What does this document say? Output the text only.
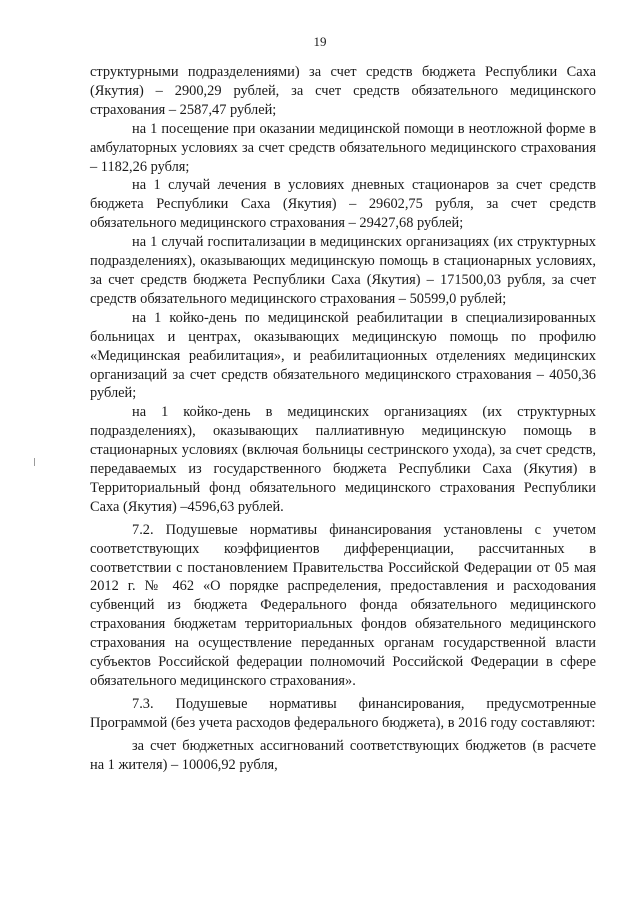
19

структурными подразделениями) за счет средств бюджета Республики Саха (Якутия) – 2900,29 рублей, за счет средств обязательного медицинского страхования – 2587,47 рублей;

на 1 посещение при оказании медицинской помощи в неотложной форме в амбулаторных условиях за счет средств обязательного медицинского страхования – 1182,26 рубля;

на 1 случай лечения в условиях дневных стационаров за счет средств бюджета Республики Саха (Якутия) – 29602,75 рубля, за счет средств обязательного медицинского страхования – 29427,68 рублей;

на 1 случай госпитализации в медицинских организациях (их структурных подразделениях), оказывающих медицинскую помощь в стационарных условиях, за счет средств бюджета Республики Саха (Якутия) – 171500,03 рубля, за счет средств обязательного медицинского страхования – 50599,0 рублей;

на 1 койко-день по медицинской реабилитации в специализированных больницах и центрах, оказывающих медицинскую помощь по профилю «Медицинская реабилитация», и реабилитационных отделениях медицинских организаций за счет средств обязательного медицинского страхования – 4050,36 рублей;

на 1 койко-день в медицинских организациях (их структурных подразделениях), оказывающих паллиативную медицинскую помощь в стационарных условиях (включая больницы сестринского ухода), за счет средств, передаваемых из государственного бюджета Республики Саха (Якутия) в Территориальный фонд обязательного медицинского страхования Республики Саха (Якутия) –4596,63 рублей.

7.2. Подушевые нормативы финансирования установлены с учетом соответствующих коэффициентов дифференциации, рассчитанных в соответствии с постановлением Правительства Российской Федерации от 05 мая 2012 г. № 462 «О порядке распределения, предоставления и расходования субвенций из бюджета Федерального фонда обязательного медицинского страхования бюджетам территориальных фондов обязательного медицинского страхования на осуществление переданных органам государственной власти субъектов Российской федерации полномочий Российской Федерации в сфере обязательного медицинского страхования».

7.3. Подушевые нормативы финансирования, предусмотренные Программой (без учета расходов федерального бюджета), в 2016 году составляют:

за счет бюджетных ассигнований соответствующих бюджетов (в расчете на 1 жителя) – 10006,92 рубля,
